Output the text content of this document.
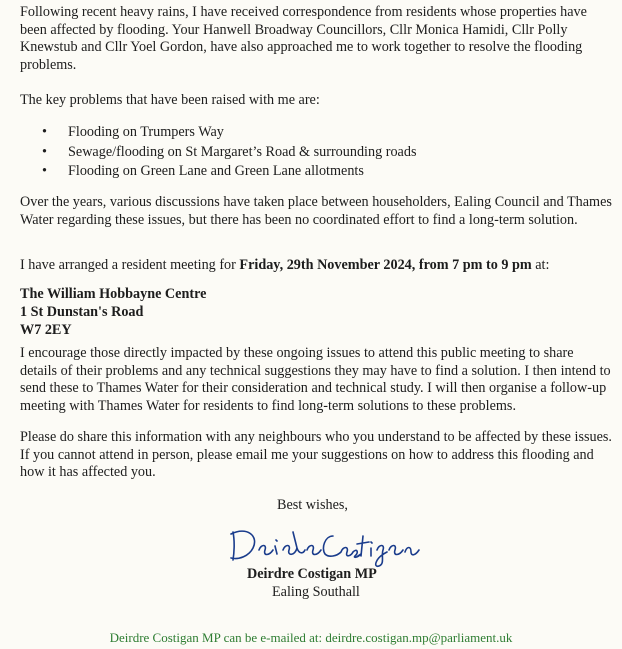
Following recent heavy rains, I have received correspondence from residents whose properties have been affected by flooding. Your Hanwell Broadway Councillors, Cllr Monica Hamidi, Cllr Polly Knewstub and Cllr Yoel Gordon, have also approached me to work together to resolve the flooding problems.

The key problems that have been raised with me are:

• Flooding on Trumpers Way
• Sewage/flooding on St Margaret’s Road & surrounding roads
• Flooding on Green Lane and Green Lane allotments

Over the years, various discussions have taken place between householders, Ealing Council and Thames Water regarding these issues, but there has been no coordinated effort to find a long-term solution.

I have arranged a resident meeting for Friday, 29th November 2024, from 7 pm to 9 pm at:

The William Hobbayne Centre
1 St Dunstan's Road
W7 2EY

I encourage those directly impacted by these ongoing issues to attend this public meeting to share details of their problems and any technical suggestions they may have to find a solution. I then intend to send these to Thames Water for their consideration and technical study. I will then organise a follow-up meeting with Thames Water for residents to find long-term solutions to these problems.

Please do share this information with any neighbours who you understand to be affected by these issues. If you cannot attend in person, please email me your suggestions on how to address this flooding and how it has affected you.

Best wishes,
Deirdre Costigan MP
Ealing Southall
Deirdre Costigan MP can be e-mailed at: deirdre.costigan.mp@parliament.uk
